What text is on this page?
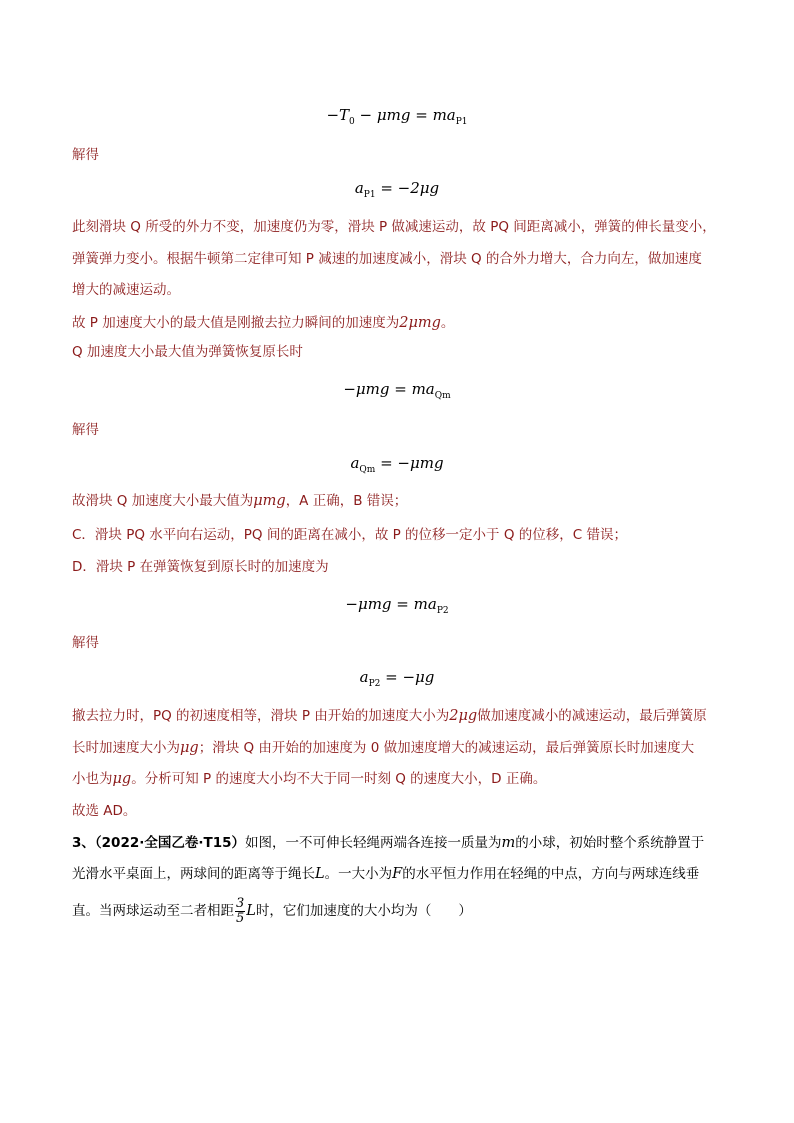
$-T_0 - \mu mg = ma_{P1}$
解得
$a_{P1} = -2\mu g$
此刻滑块 Q 所受的外力不变，加速度仍为零，滑块 P 做减速运动，故 PQ 间距离减小，弹簧的伸长量变小，
弹簧弹力变小。根据牛顿第二定律可知 P 减速的加速度减小，滑块 Q 的合外力增大，合力向左，做加速度
增大的减速运动。
故 P 加速度大小的最大值是刚撤去拉力瞬间的加速度为2μmg。
Q 加速度大小最大值为弹簧恢复原长时
$-\mu mg = ma_{Qm}$
解得
$a_{Qm} = -\mu mg$
故滑块 Q 加速度大小最大值为μmg，A 正确，B 错误；
C．滑块 PQ 水平向右运动，PQ 间的距离在减小，故 P 的位移一定小于 Q 的位移，C 错误；
D．滑块 P 在弹簧恢复到原长时的加速度为
$-\mu mg = ma_{P2}$
解得
$a_{P2} = -\mu g$
撤去拉力时，PQ 的初速度相等，滑块 P 由开始的加速度大小为2μg做加速度减小的减速运动，最后弹簧原
长时加速度大小为μg；滑块 Q 由开始的加速度为 0 做加速度增大的减速运动，最后弹簧原长时加速度大
小也为μg。分析可知 P 的速度大小均不大于同一时刻 Q 的速度大小，D 正确。
故选 AD。
3、（2022·全国乙卷·T15）如图，一不可伸长轻绳两端各连接一质量为m的小球，初始时整个系统静置于
光滑水平桌面上，两球间的距离等于绳长L。一大小为F的水平恒力作用在轻绳的中点，方向与两球连线垂
直。当两球运动至二者相距 $\frac{3}{5}$ L时，它们加速度的大小均为（　　）
